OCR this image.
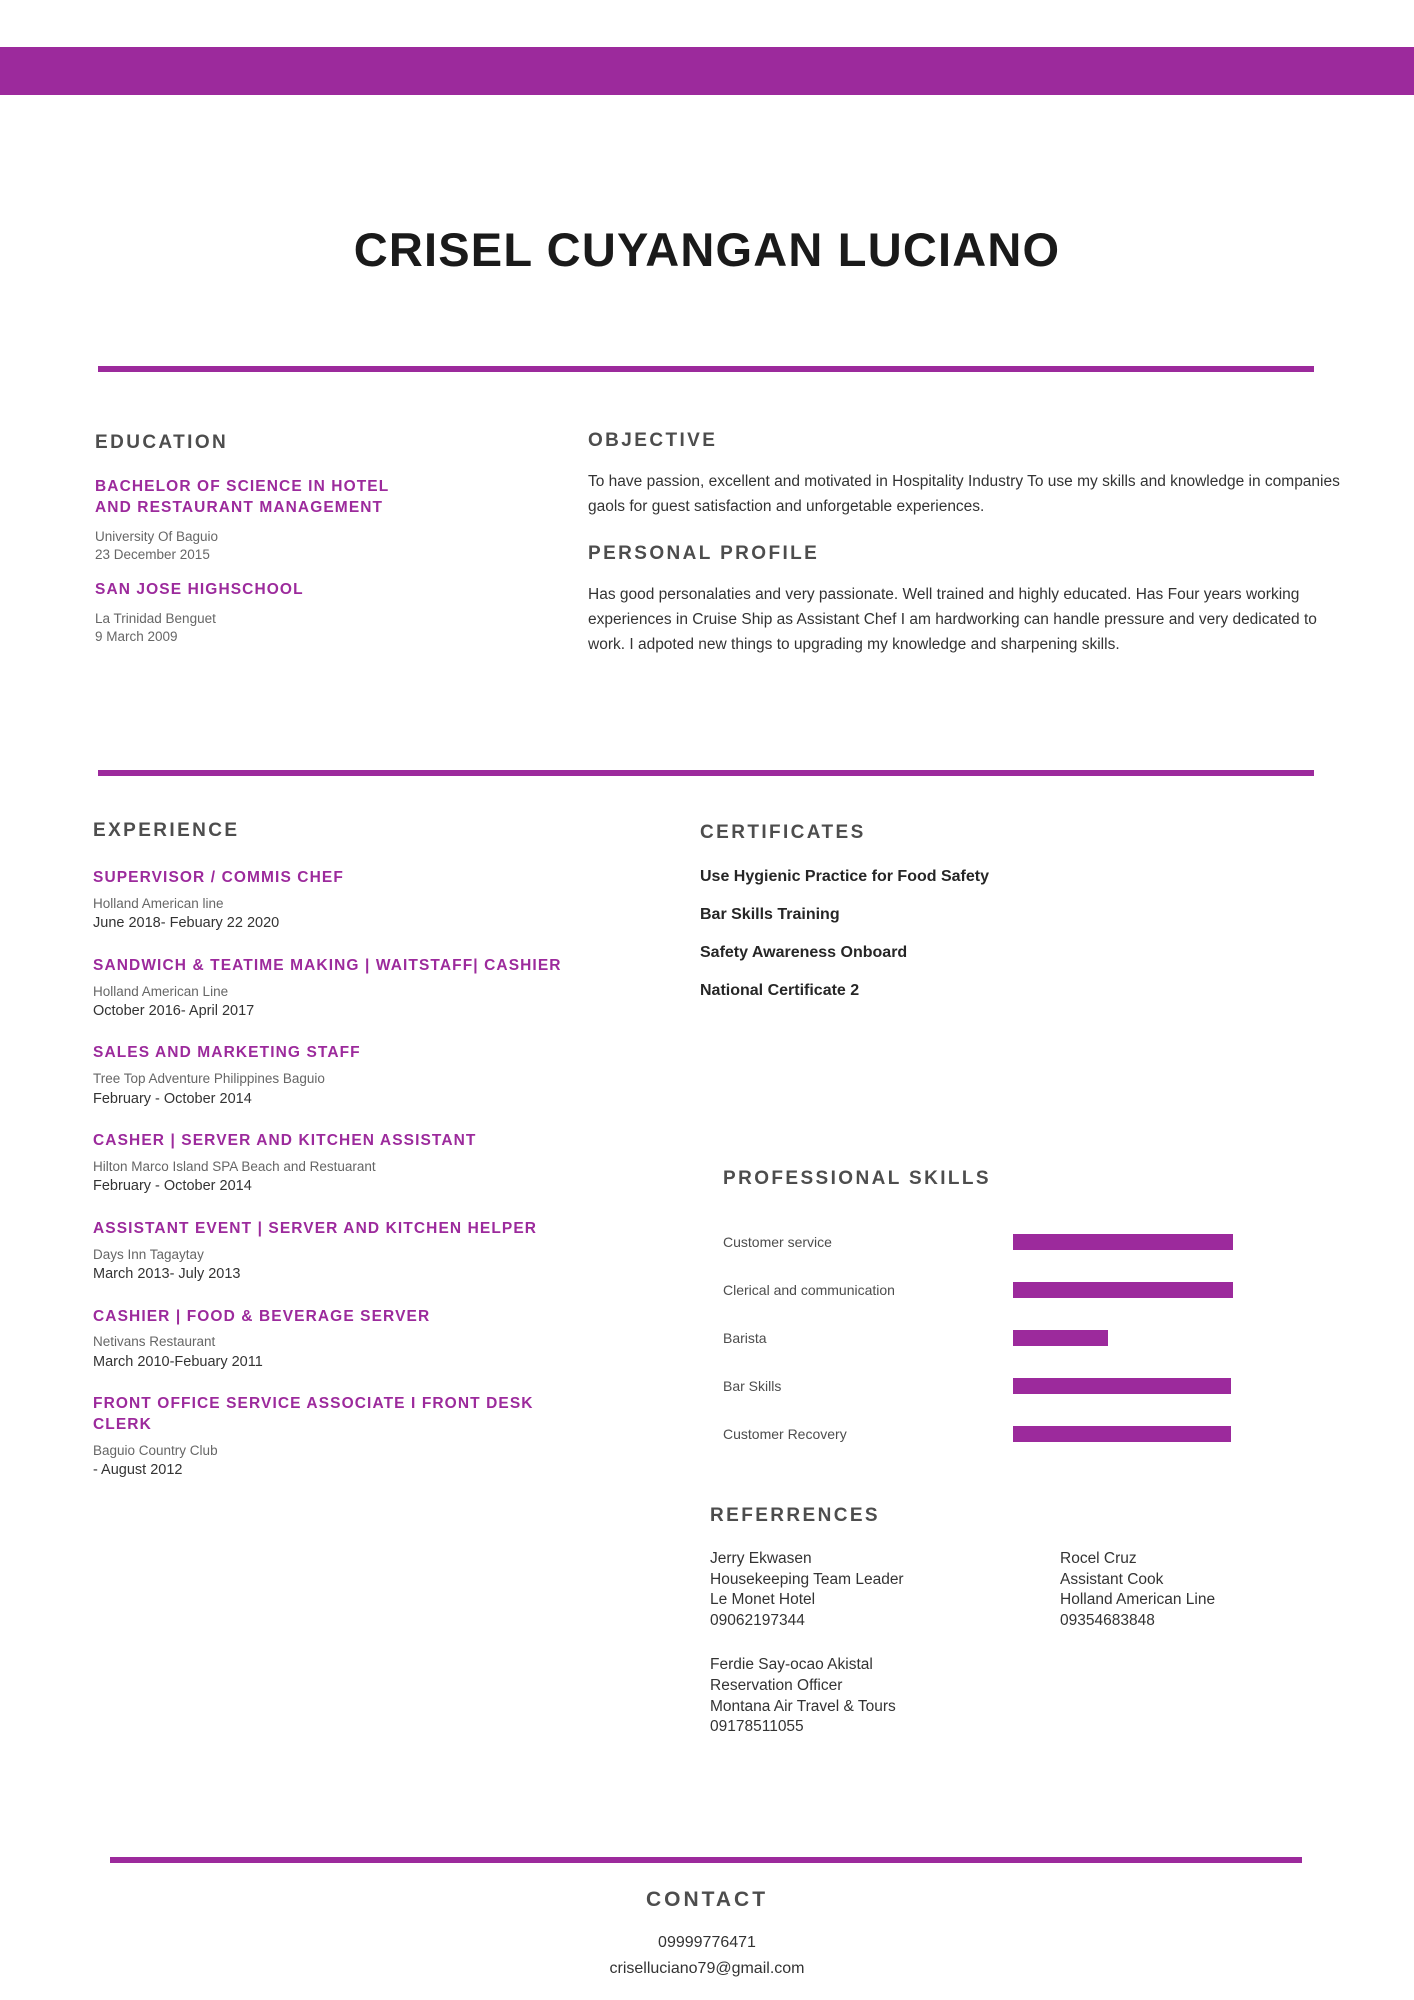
CRISEL CUYANGAN LUCIANO
EDUCATION
BACHELOR OF SCIENCE IN HOTEL AND RESTAURANT MANAGEMENT
University Of Baguio
23 December 2015
SAN JOSE HIGHSCHOOL
La Trinidad Benguet
9 March 2009
OBJECTIVE
To have passion, excellent and motivated in Hospitality Industry To use my skills and knowledge in companies gaols for guest satisfaction and unforgetable experiences.
PERSONAL PROFILE
Has good personalaties and very passionate. Well trained and highly educated. Has Four years working experiences in Cruise Ship as Assistant Chef I am hardworking can handle pressure and very dedicated to work. I adpoted new things to upgrading my knowledge and sharpening skills.
EXPERIENCE
SUPERVISOR / COMMIS CHEF
Holland American line
June 2018- Febuary 22 2020
SANDWICH & TEATIME MAKING | WAITSTAFF| CASHIER
Holland American Line
October 2016- April 2017
SALES AND MARKETING STAFF
Tree Top Adventure Philippines Baguio
February - October 2014
CASHER | SERVER AND KITCHEN ASSISTANT
Hilton Marco Island SPA Beach and Restuarant
February - October 2014
ASSISTANT EVENT | SERVER AND KITCHEN HELPER
Days Inn Tagaytay
March 2013- July 2013
CASHIER | FOOD & BEVERAGE SERVER
Netivans Restaurant
March 2010-Febuary 2011
FRONT OFFICE SERVICE ASSOCIATE I FRONT DESK CLERK
Baguio Country Club
- August 2012
CERTIFICATES
Use Hygienic Practice for Food Safety
Bar Skills Training
Safety Awareness Onboard
National Certificate 2
PROFESSIONAL SKILLS
Customer service
Clerical and communication
Barista
Bar Skills
Customer Recovery
REFERRENCES
Jerry Ekwasen
Housekeeping Team Leader
Le Monet Hotel
09062197344
Ferdie Say-ocao Akistal
Reservation Officer
Montana Air Travel & Tours
09178511055
Rocel Cruz
Assistant Cook
Holland American Line
09354683848
CONTACT
09999776471
criselluciano79@gmail.com
